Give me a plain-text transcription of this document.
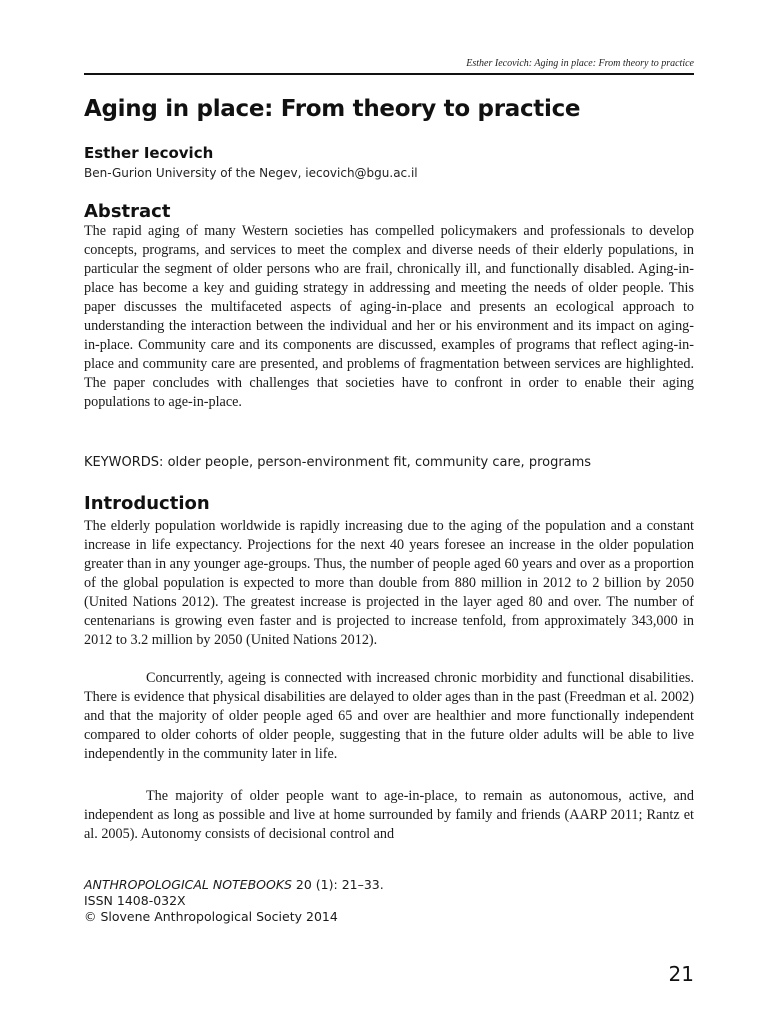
Esther Iecovich: Aging in place: From theory to practice
Aging in place: From theory to practice
Esther Iecovich
Ben-Gurion University of the Negev, iecovich@bgu.ac.il
Abstract

The rapid aging of many Western societies has compelled policymakers and professionals to develop concepts, programs, and services to meet the complex and diverse needs of their elderly populations, in particular the segment of older persons who are frail, chronically ill, and functionally disabled. Aging-in-place has become a key and guiding strategy in addressing and meeting the needs of older people. This paper discusses the multifaceted aspects of aging-in-place and presents an ecological approach to understanding the interaction between the individual and her or his environment and its impact on aging-in-place. Community care and its components are discussed, examples of programs that reflect aging-in-place and community care are presented, and problems of fragmentation between services are highlighted. The paper concludes with challenges that societies have to confront in order to enable their aging populations to age-in-place.

KEYWORDS: older people, person-environment fit, community care, programs
Introduction

The elderly population worldwide is rapidly increasing due to the aging of the population and a constant increase in life expectancy. Projections for the next 40 years foresee an increase in the older population greater than in any younger age-groups. Thus, the number of people aged 60 years and over as a proportion of the global population is expected to more than double from 880 million in 2012 to 2 billion by 2050 (United Nations 2012). The greatest increase is projected in the layer aged 80 and over. The number of centenarians is growing even faster and is projected to increase tenfold, from approximately 343,000 in 2012 to 3.2 million by 2050 (United Nations 2012).

Concurrently, ageing is connected with increased chronic morbidity and functional disabilities. There is evidence that physical disabilities are delayed to older ages than in the past (Freedman et al. 2002) and that the majority of older people aged 65 and over are healthier and more functionally independent compared to older cohorts of older people, suggesting that in the future older adults will be able to live independently in the community later in life.

The majority of older people want to age-in-place, to remain as autonomous, active, and independent as long as possible and live at home surrounded by family and friends (AARP 2011; Rantz et al. 2005). Autonomy consists of decisional control and

ANTHROPOLOGICAL NOTEBOOKS 20 (1): 21–33.
ISSN 1408-032X
© Slovene Anthropological Society 2014
21
